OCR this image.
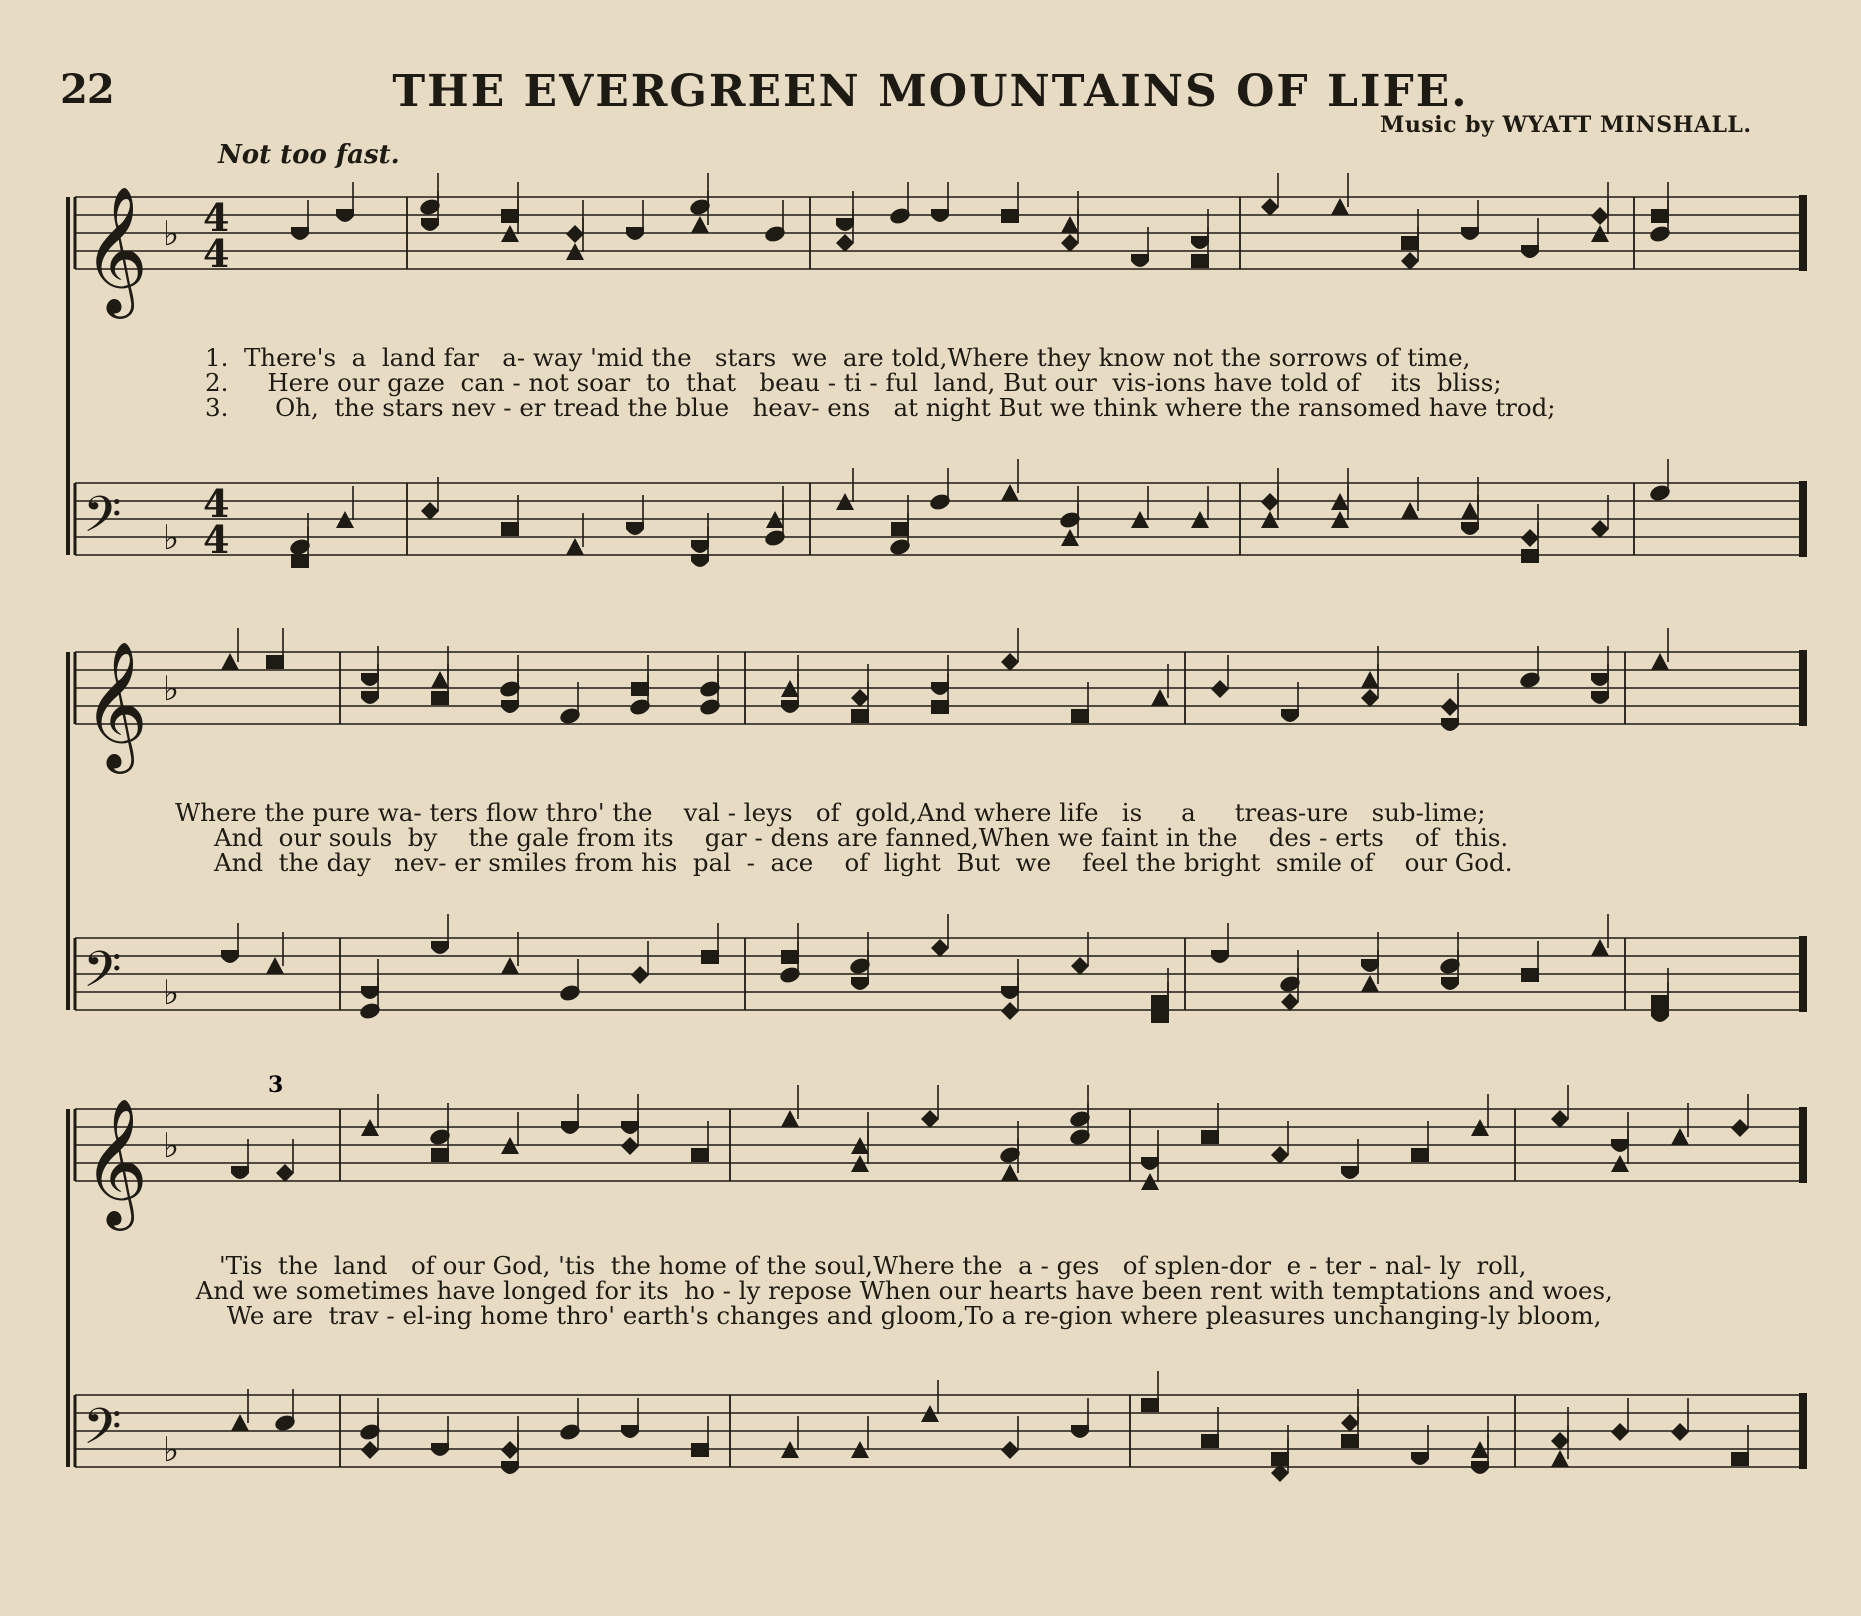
22	THE EVERGREEN MOUNTAINS OF LIFE.
Music by WYATT MINSHALL.
Not too fast.
𝄞 ♭ 4
4
𝄢 ♭
4
4
𝄞 ♭
𝄢 ♭
𝄞 ♭
𝄢 ♭
3
1.  There's  a  land far   a- way 'mid the   stars  we  are told,Where they know not the sorrows of time,
2.     Here our gaze  can - not soar  to  that   beau - ti - ful  land, But our  vis-ions have told of    its  bliss;
3.      Oh,  the stars nev - er tread the blue   heav- ens   at night But we think where the ransomed have trod;
Where the pure wa- ters flow thro' the    val - leys   of  gold,And where life   is     a     treas-ure   sub-lime;
And  our souls  by    the gale from its    gar - dens are fanned,When we faint in the    des - erts    of  this.
And  the day   nev- er smiles from his  pal  -  ace    of  light  But  we    feel the bright  smile of    our God.
'Tis  the  land   of our God, 'tis  the home of the soul,Where the  a - ges   of splen-dor  e - ter - nal- ly  roll,
And we sometimes have longed for its  ho - ly repose When our hearts have been rent with temptations and woes,
We are  trav - el-ing home thro' earth's changes and gloom,To a re-gion where pleasures unchanging-ly bloom,
